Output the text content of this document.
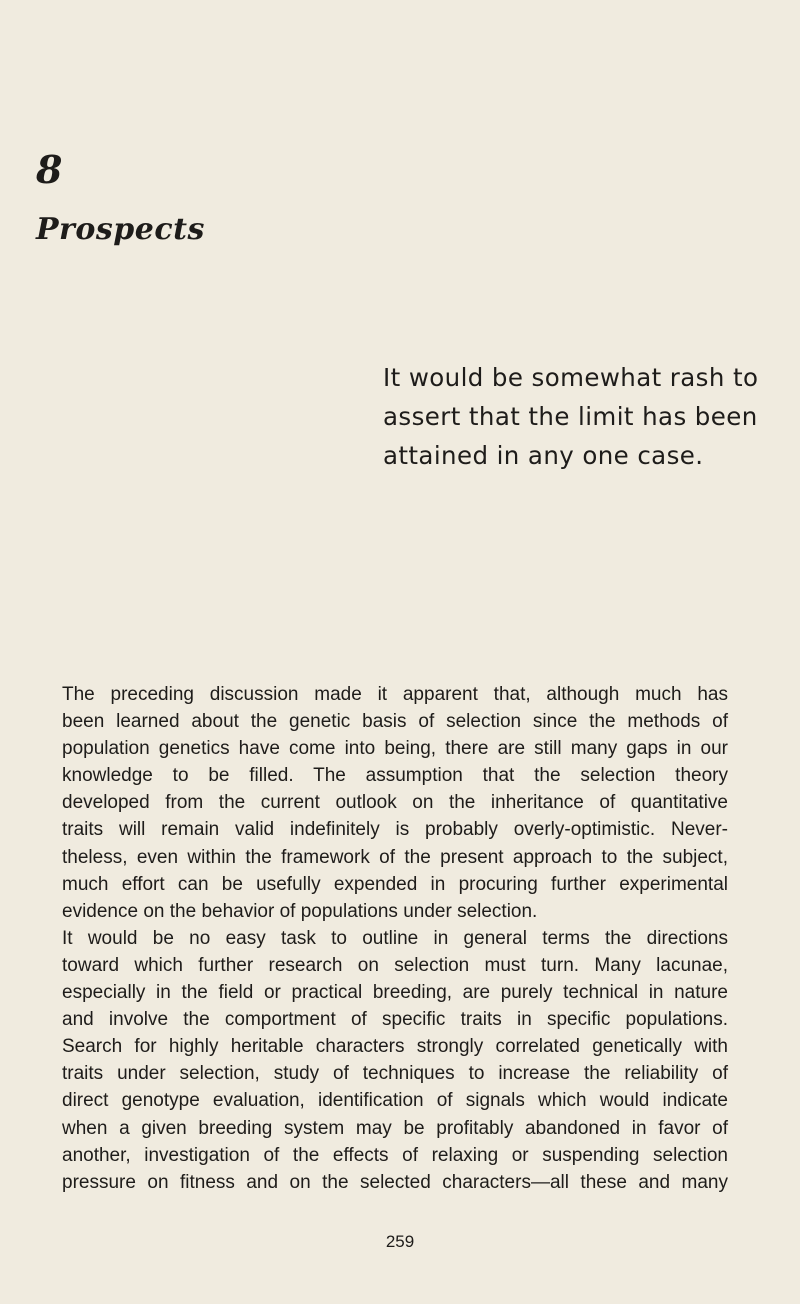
8
Prospects
It would be somewhat rash to
assert that the limit has been
attained in any one case.
The preceding discussion made it apparent that, although much has
been learned about the genetic basis of selection since the methods of
population genetics have come into being, there are still many gaps in our
knowledge to be filled. The assumption that the selection theory
developed from the current outlook on the inheritance of quantitative
traits will remain valid indefinitely is probably overly-optimistic. Never-
theless, even within the framework of the present approach to the subject,
much effort can be usefully expended in procuring further experimental
evidence on the behavior of populations under selection.
It would be no easy task to outline in general terms the directions
toward which further research on selection must turn. Many lacunae,
especially in the field or practical breeding, are purely technical in nature
and involve the comportment of specific traits in specific populations.
Search for highly heritable characters strongly correlated genetically with
traits under selection, study of techniques to increase the reliability of
direct genotype evaluation, identification of signals which would indicate
when a given breeding system may be profitably abandoned in favor of
another, investigation of the effects of relaxing or suspending selection
pressure on fitness and on the selected characters—all these and many
259
